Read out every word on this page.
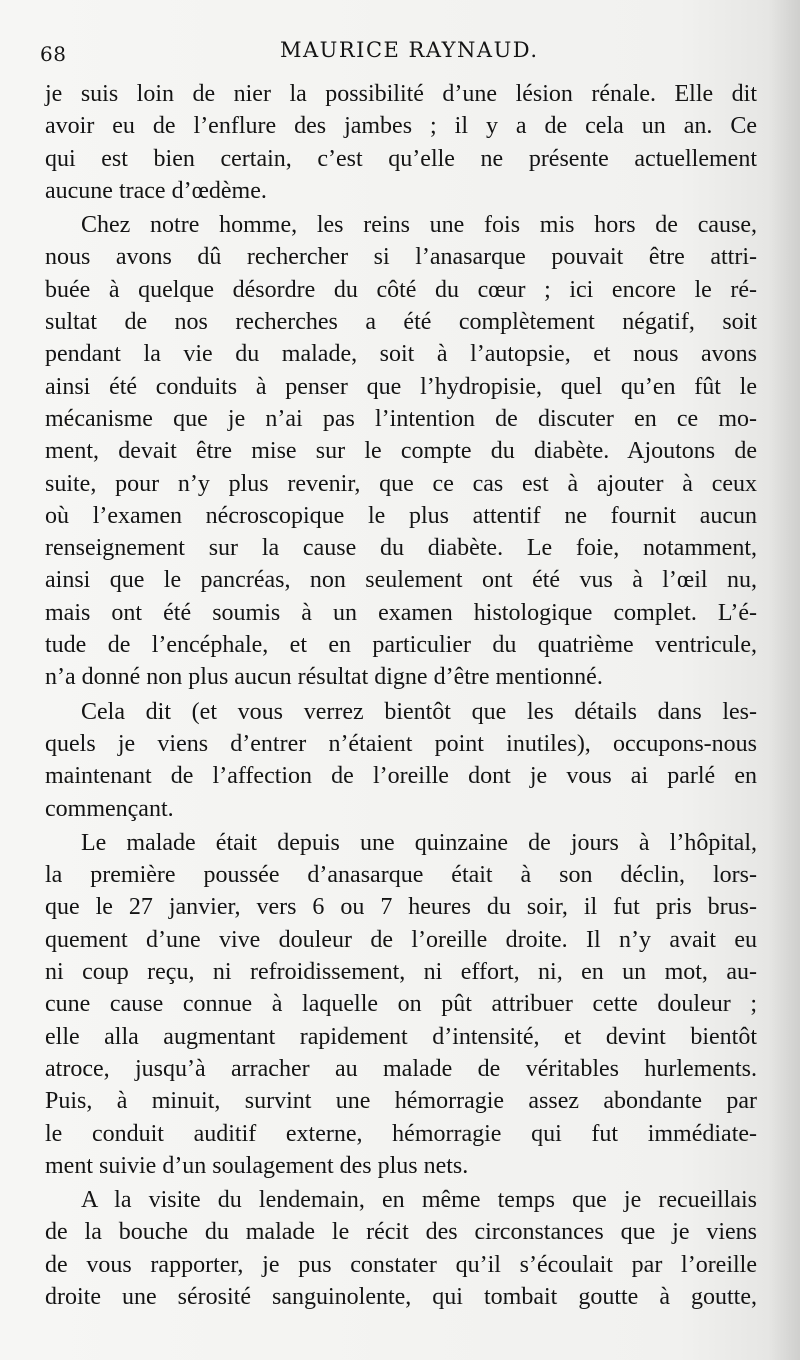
68	MAURICE RAYNAUD.

je suis loin de nier la possibilité d’une lésion rénale. Elle dit
avoir eu de l’enflure des jambes ; il y a de cela un an. Ce
qui est bien certain, c’est qu’elle ne présente actuellement
aucune trace d’œdème.

Chez notre homme, les reins une fois mis hors de cause,
nous avons dû rechercher si l’anasarque pouvait être attri-
buée à quelque désordre du côté du cœur ; ici encore le ré-
sultat de nos recherches a été complètement négatif, soit
pendant la vie du malade, soit à l’autopsie, et nous avons
ainsi été conduits à penser que l’hydropisie, quel qu’en fût le
mécanisme que je n’ai pas l’intention de discuter en ce mo-
ment, devait être mise sur le compte du diabète. Ajoutons de
suite, pour n’y plus revenir, que ce cas est à ajouter à ceux
où l’examen nécroscopique le plus attentif ne fournit aucun
renseignement sur la cause du diabète. Le foie, notamment,
ainsi que le pancréas, non seulement ont été vus à l’œil nu,
mais ont été soumis à un examen histologique complet. L’é-
tude de l’encéphale, et en particulier du quatrième ventricule,
n’a donné non plus aucun résultat digne d’être mentionné.

Cela dit (et vous verrez bientôt que les détails dans les-
quels je viens d’entrer n’étaient point inutiles), occupons-nous
maintenant de l’affection de l’oreille dont je vous ai parlé en
commençant.

Le malade était depuis une quinzaine de jours à l’hôpital,
la première poussée d’anasarque était à son déclin, lors-
que le 27 janvier, vers 6 ou 7 heures du soir, il fut pris brus-
quement d’une vive douleur de l’oreille droite. Il n’y avait eu
ni coup reçu, ni refroidissement, ni effort, ni, en un mot, au-
cune cause connue à laquelle on pût attribuer cette douleur ;
elle alla augmentant rapidement d’intensité, et devint bientôt
atroce, jusqu’à arracher au malade de véritables hurlements.
Puis, à minuit, survint une hémorragie assez abondante par
le conduit auditif externe, hémorragie qui fut immédiate-
ment suivie d’un soulagement des plus nets.

A la visite du lendemain, en même temps que je recueillais
de la bouche du malade le récit des circonstances que je viens
de vous rapporter, je pus constater qu’il s’écoulait par l’oreille
droite une sérosité sanguinolente, qui tombait goutte à goutte,
